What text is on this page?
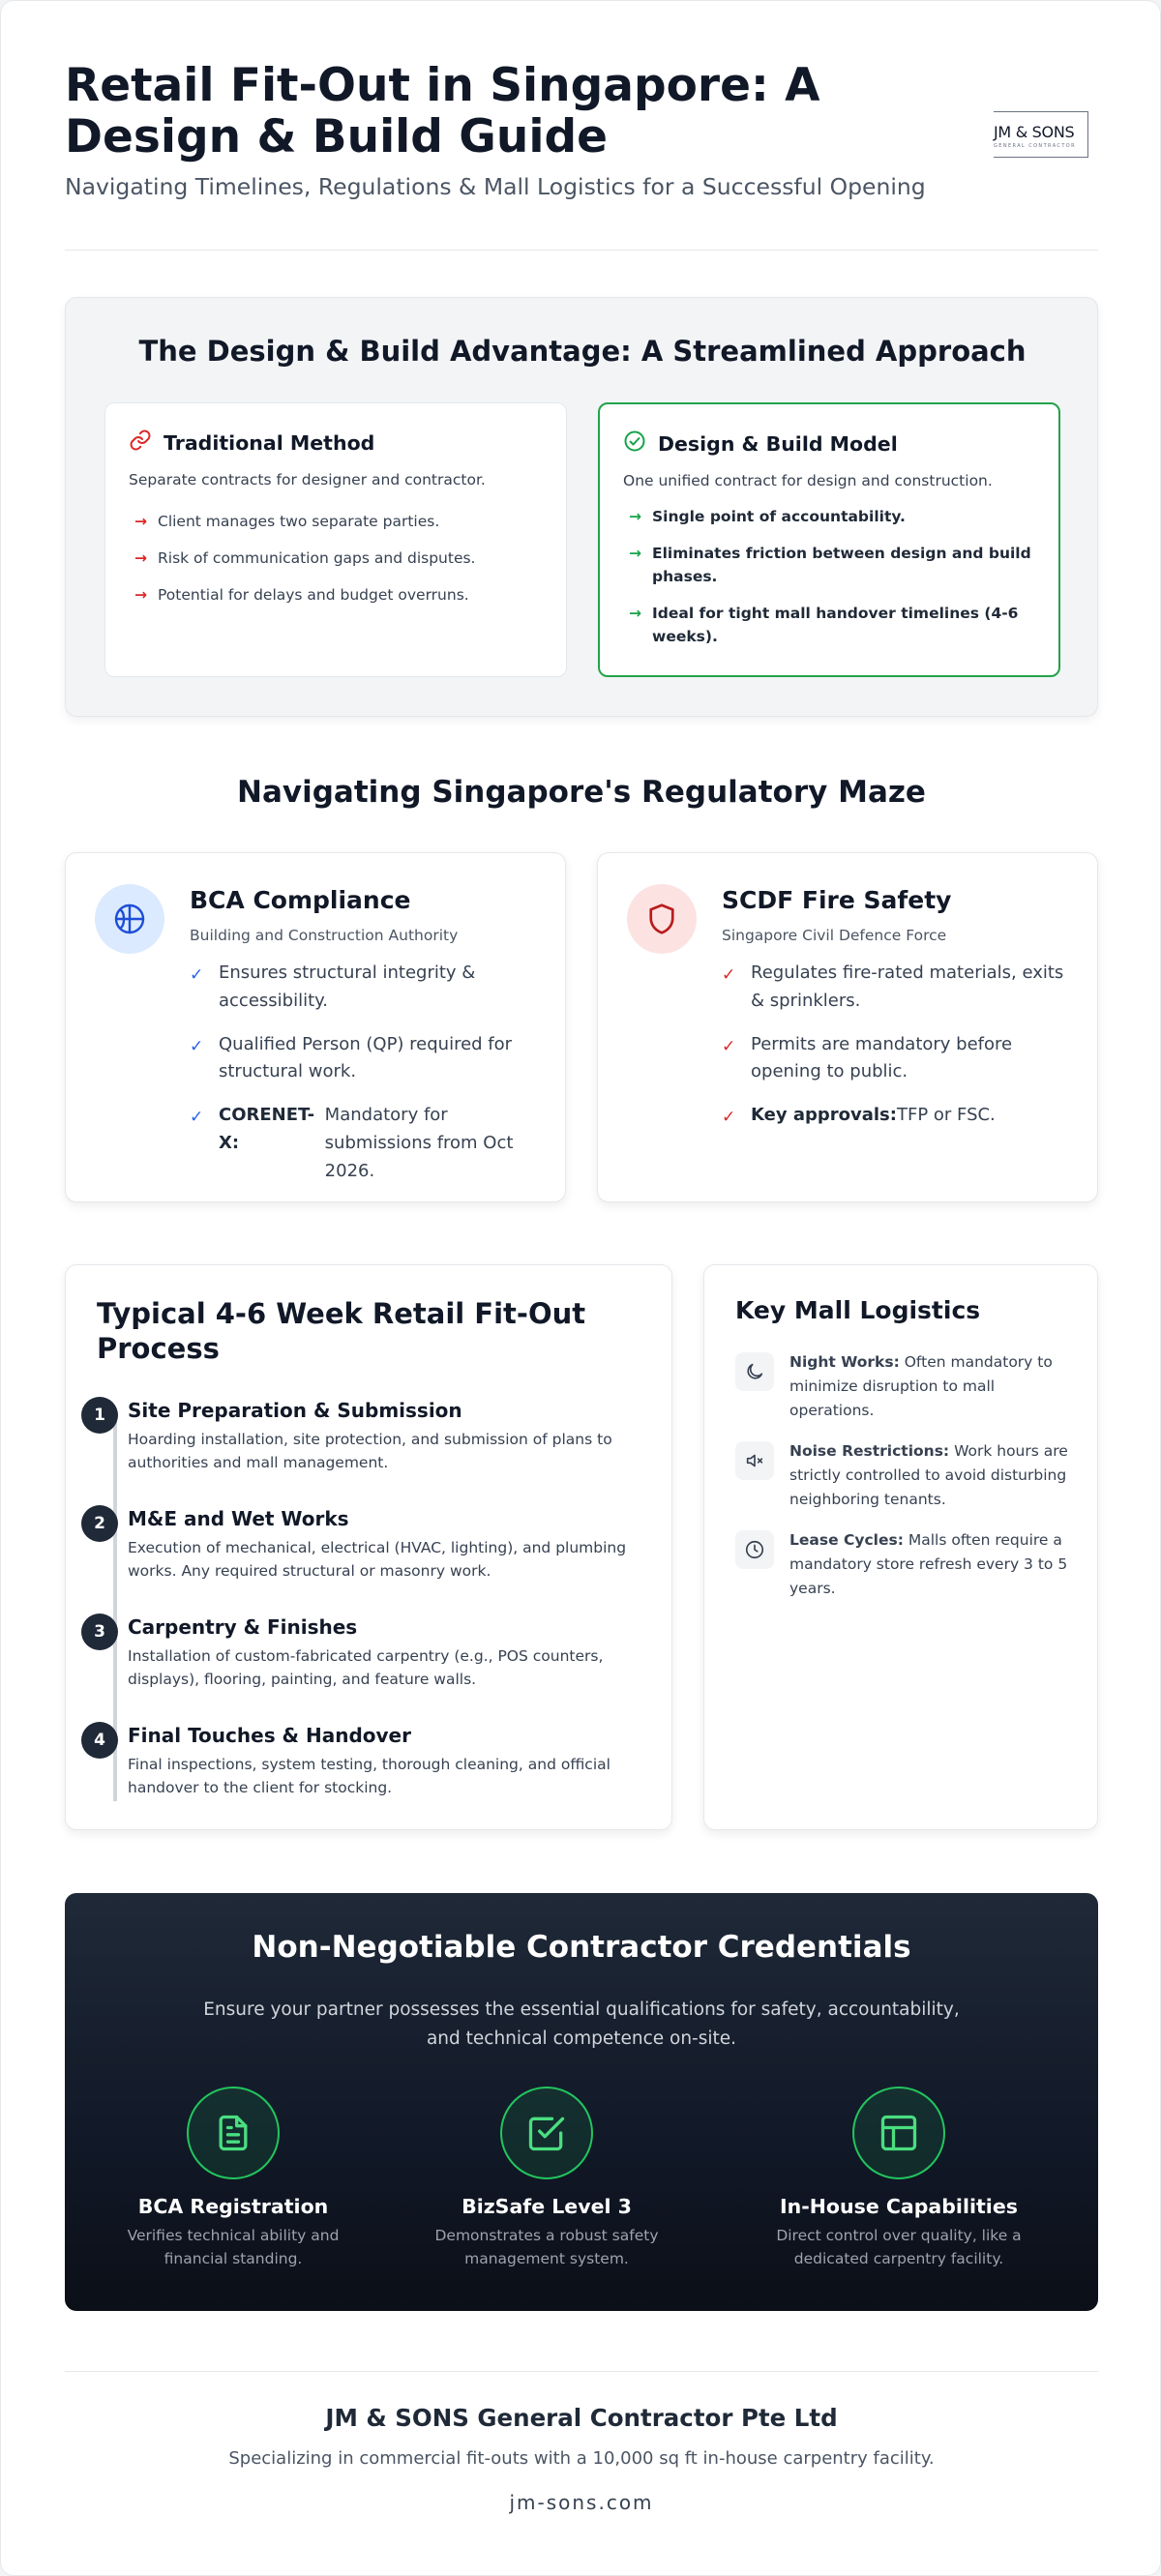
Retail Fit-Out in Singapore: A Design & Build Guide

Navigating Timelines, Regulations & Mall Logistics for a Successful Opening

JM & SONS
GENERAL CONTRACTOR
The Design & Build Advantage: A Streamlined Approach
Traditional Method

Separate contracts for designer and contractor.

→ Client manages two separate parties.
→ Risk of communication gaps and disputes.
→ Potential for delays and budget overruns.
Design & Build Model

One unified contract for design and construction.

→ Single point of accountability.
→ Eliminates friction between design and build phases.
→ Ideal for tight mall handover timelines (4-6 weeks).
Navigating Singapore's Regulatory Maze
BCA Compliance

Building and Construction Authority

✓ Ensures structural integrity & accessibility.
✓ Qualified Person (QP) required for structural work.
✓ CORENET-X:
Mandatory for submissions from Oct 2026.
SCDF Fire Safety

Singapore Civil Defence Force

✓ Regulates fire-rated materials, exits & sprinklers.
✓ Permits are mandatory before opening to public.
✓ Key approvals:TFP or FSC.
Typical 4-6 Week Retail Fit-Out Process
1	Site Preparation & Submission

Hoarding installation, site protection, and submission of plans to authorities and mall management.

2	M&E and Wet Works

Execution of mechanical, electrical (HVAC, lighting), and plumbing works. Any required structural or masonry work.

3	Carpentry & Finishes

Installation of custom-fabricated carpentry (e.g., POS counters, displays), flooring, painting, and feature walls.

4	Final Touches & Handover

Final inspections, system testing, thorough cleaning, and official handover to the client for stocking.

Key Mall Logistics

Night Works: Often mandatory to minimize disruption to mall operations.

Noise Restrictions: Work hours are strictly controlled to avoid disturbing neighboring tenants.

Lease Cycles: Malls often require a mandatory store refresh every 3 to 5 years.

Non-Negotiable Contractor Credentials

Ensure your partner possesses the essential qualifications for safety, accountability, and technical competence on-site.

BCA Registration
Verifies technical ability and financial standing.
BizSafe Level 3
Demonstrates a robust safety management system.
In-House Capabilities
Direct control over quality, like a dedicated carpentry facility.
JM & SONS General Contractor Pte Ltd
Specializing in commercial fit-outs with a 10,000 sq ft in-house carpentry facility.
jm-sons.com
